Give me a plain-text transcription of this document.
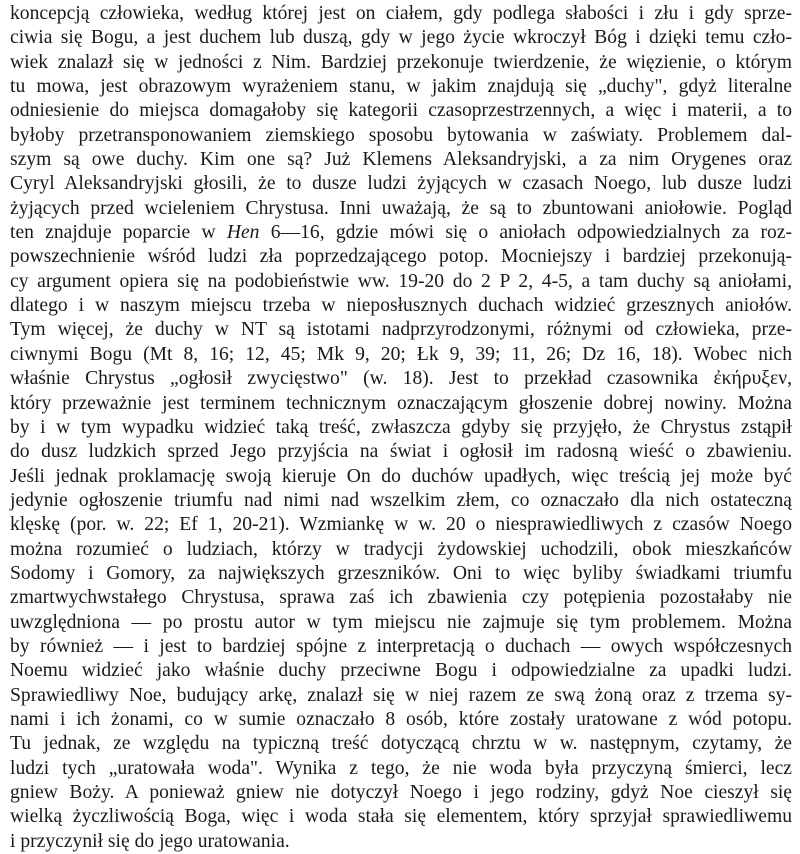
koncepcją człowieka, według której jest on ciałem, gdy podlega słabości i złu i gdy sprze-
ciwia się Bogu, a jest duchem lub duszą, gdy w jego życie wkroczył Bóg i dzięki temu czło-
wiek znalazł się w jedności z Nim. Bardziej przekonuje twierdzenie, że więzienie, o którym
tu mowa, jest obrazowym wyrażeniem stanu, w jakim znajdują się „duchy", gdyż literalne
odniesienie do miejsca domagałoby się kategorii czasoprzestrzennych, a więc i materii, a to
byłoby przetransponowaniem ziemskiego sposobu bytowania w zaświaty. Problemem dal-
szym są owe duchy. Kim one są? Już Klemens Aleksandryjski, a za nim Orygenes oraz
Cyryl Aleksandryjski głosili, że to dusze ludzi żyjących w czasach Noego, lub dusze ludzi
żyjących przed wcieleniem Chrystusa. Inni uważają, że są to zbuntowani aniołowie. Pogląd
ten znajduje poparcie w Hen 6—16, gdzie mówi się o aniołach odpowiedzialnych za roz-
powszechnienie wśród ludzi zła poprzedzającego potop. Mocniejszy i bardziej przekonują-
cy argument opiera się na podobieństwie ww. 19-20 do 2 P 2, 4-5, a tam duchy są aniołami,
dlatego i w naszym miejscu trzeba w nieposłusznych duchach widzieć grzesznych aniołów.
Tym więcej, że duchy w NT są istotami nadprzyrodzonymi, różnymi od człowieka, prze-
ciwnymi Bogu (Mt 8, 16; 12, 45; Mk 9, 20; Łk 9, 39; 11, 26; Dz 16, 18). Wobec nich
właśnie Chrystus „ogłosił zwycięstwo" (w. 18). Jest to przekład czasownika ἐκήρυξεν,
który przeważnie jest terminem technicznym oznaczającym głoszenie dobrej nowiny. Można
by i w tym wypadku widzieć taką treść, zwłaszcza gdyby się przyjęło, że Chrystus zstąpił
do dusz ludzkich sprzed Jego przyjścia na świat i ogłosił im radosną wieść o zbawieniu.
Jeśli jednak proklamację swoją kieruje On do duchów upadłych, więc treścią jej może być
jedynie ogłoszenie triumfu nad nimi nad wszelkim złem, co oznaczało dla nich ostateczną
klęskę (por. w. 22; Ef 1, 20-21). Wzmiankę w w. 20 o niesprawiedliwych z czasów Noego
można rozumieć o ludziach, którzy w tradycji żydowskiej uchodzili, obok mieszkańców
Sodomy i Gomory, za największych grzeszników. Oni to więc byliby świadkami triumfu
zmartwychwstałego Chrystusa, sprawa zaś ich zbawienia czy potępienia pozostałaby nie
uwzględniona — po prostu autor w tym miejscu nie zajmuje się tym problemem. Można
by również — i jest to bardziej spójne z interpretacją o duchach — owych współczesnych
Noemu widzieć jako właśnie duchy przeciwne Bogu i odpowiedzialne za upadki ludzi.
Sprawiedliwy Noe, budujący arkę, znalazł się w niej razem ze swą żoną oraz z trzema sy-
nami i ich żonami, co w sumie oznaczało 8 osób, które zostały uratowane z wód potopu.
Tu jednak, ze względu na typiczną treść dotyczącą chrztu w w. następnym, czytamy, że
ludzi tych „uratowała woda". Wynika z tego, że nie woda była przyczyną śmierci, lecz
gniew Boży. A ponieważ gniew nie dotyczył Noego i jego rodziny, gdyż Noe cieszył się
wielką życzliwością Boga, więc i woda stała się elementem, który sprzyjał sprawiedliwemu
i przyczynił się do jego uratowania.
